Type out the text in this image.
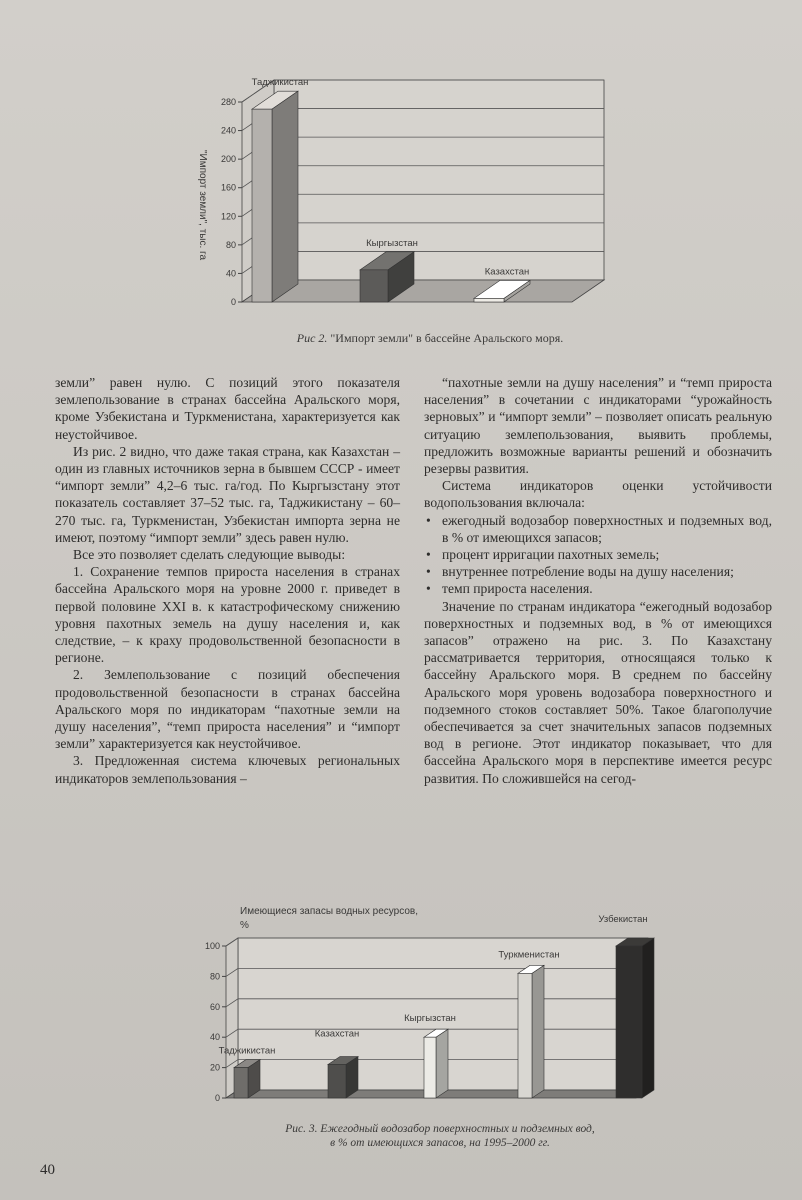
0
40
80
120
160
200
240
280
Таджикистан
Кыргызстан
Казахстан
"Импорт земли", тыс. га
Рис 2. "Импорт земли" в бассейне Аральского моря.

земли” равен нулю. С позиций этого показателя землепользование в странах бассейна Аральского моря, кроме Узбекистана и Туркменистана, характеризуется как неустойчивое.

Из рис. 2 видно, что даже такая страна, как Казахстан – один из главных источников зерна в бывшем СССР - имеет “импорт земли” 4,2–6 тыс. га/год. По Кыргызстану этот показатель составляет 37–52 тыс. га, Таджикистану – 60–270 тыс. га, Туркменистан, Узбекистан импорта зерна не имеют, поэтому “импорт земли” здесь равен нулю.

Все это позволяет сделать следующие выводы:

1. Сохранение темпов прироста населения в странах бассейна Аральского моря на уровне 2000 г. приведет в первой половине XXI в. к катастрофическому снижению уровня пахотных земель на душу населения и, как следствие, – к краху продовольственной безопасности в регионе.

2. Землепользование с позиций обеспечения продовольственной безопасности в странах бассейна Аральского моря по индикаторам “пахотные земли на душу населения”, “темп прироста населения” и “импорт земли” характеризуется как неустойчивое.

3. Предложенная система ключевых региональных индикаторов землепользования –

“пахотные земли на душу населения” и “темп прироста населения” в сочетании с индикаторами “урожайность зерновых” и “импорт земли” – позволяет описать реальную ситуацию землепользования, выявить проблемы, предложить возможные варианты решений и обозначить резервы развития.

Система индикаторов оценки устойчивости водопользования включала:

• ежегодный водозабор поверхностных и подземных вод, в % от имеющихся запасов;
• процент ирригации пахотных земель;
• внутреннее потребление воды на душу населения;
• темп прироста населения.

Значение по странам индикатора “ежегодный водозабор поверхностных и подземных вод, в % от имеющихся запасов” отражено на рис. 3. По Казахстану рассматривается территория, относящаяся только к бассейну Аральского моря. В среднем по бассейну Аральского моря уровень водозабора поверхностного и подземного стоков составляет 50%. Такое благополучие обеспечивается за счет значительных запасов подземных вод в регионе. Этот индикатор показывает, что для бассейна Аральского моря в перспективе имеется ресурс развития. По сложившейся на сегод-

Имеющиеся запасы водных ресурсов,
%
0
20
40
60
80
100
Таджикистан
Казахстан
Кыргызстан
Туркменистан
Узбекистан
Рис. 3. Ежегодный водозабор поверхностных и подземных вод,
в % от имеющихся запасов, на 1995–2000 гг.
40
